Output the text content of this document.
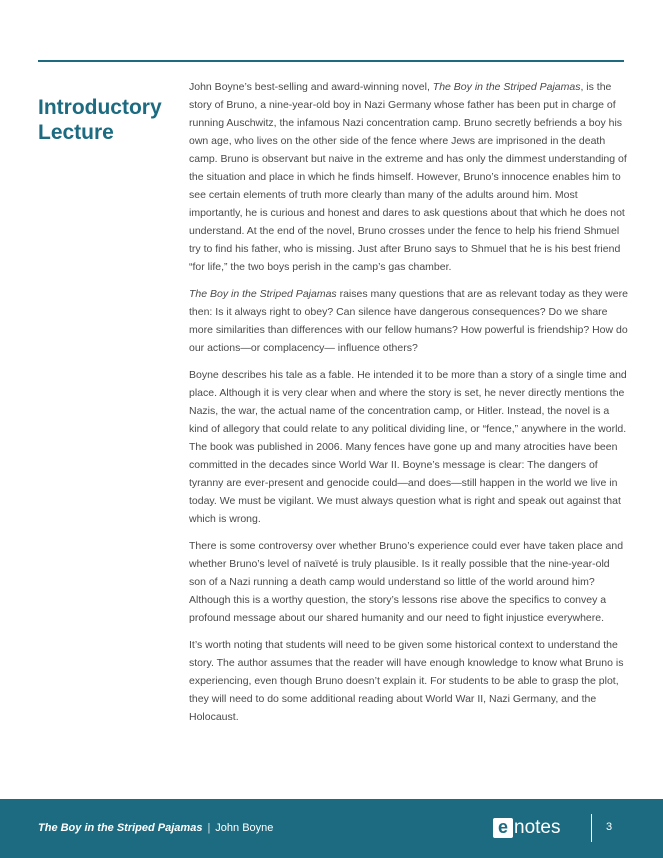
Introductory Lecture

John Boyne’s best-selling and award-winning novel, The Boy in the Striped Pajamas, is the story of Bruno, a nine-year-old boy in Nazi Germany whose father has been put in charge of running Auschwitz, the infamous Nazi concentration camp. Bruno secretly befriends a boy his own age, who lives on the other side of the fence where Jews are imprisoned in the death camp. Bruno is observant but naive in the extreme and has only the dimmest understanding of the situation and place in which he finds himself. However, Bruno’s innocence enables him to see certain elements of truth more clearly than many of the adults around him. Most importantly, he is curious and honest and dares to ask questions about that which he does not understand. At the end of the novel, Bruno crosses under the fence to help his friend Shmuel try to find his father, who is missing. Just after Bruno says to Shmuel that he is his best friend “for life,” the two boys perish in the camp’s gas chamber.

The Boy in the Striped Pajamas raises many questions that are as relevant today as they were then: Is it always right to obey? Can silence have dangerous consequences? Do we share more similarities than differences with our fellow humans? How powerful is friendship? How do our actions—or complacency— influence others?

Boyne describes his tale as a fable. He intended it to be more than a story of a single time and place. Although it is very clear when and where the story is set, he never directly mentions the Nazis, the war, the actual name of the concentration camp, or Hitler. Instead, the novel is a kind of allegory that could relate to any political dividing line, or “fence,” anywhere in the world. The book was published in 2006. Many fences have gone up and many atrocities have been committed in the decades since World War II. Boyne’s message is clear: The dangers of tyranny are ever-present and genocide could—and does—still happen in the world we live in today. We must be vigilant. We must always question what is right and speak out against that which is wrong.

There is some controversy over whether Bruno’s experience could ever have taken place and whether Bruno’s level of naïveté is truly plausible. Is it really possible that the nine-year-old son of a Nazi running a death camp would understand so little of the world around him? Although this is a worthy question, the story’s lessons rise above the specifics to convey a profound message about our shared humanity and our need to fight injustice everywhere.

It’s worth noting that students will need to be given some historical context to understand the story. The author assumes that the reader will have enough knowledge to know what Bruno is experiencing, even though Bruno doesn’t explain it. For students to be able to grasp the plot, they will need to do some additional reading about World War II, Nazi Germany, and the Holocaust.

The Boy in the Striped Pajamas | John Boyne	e notes	3
